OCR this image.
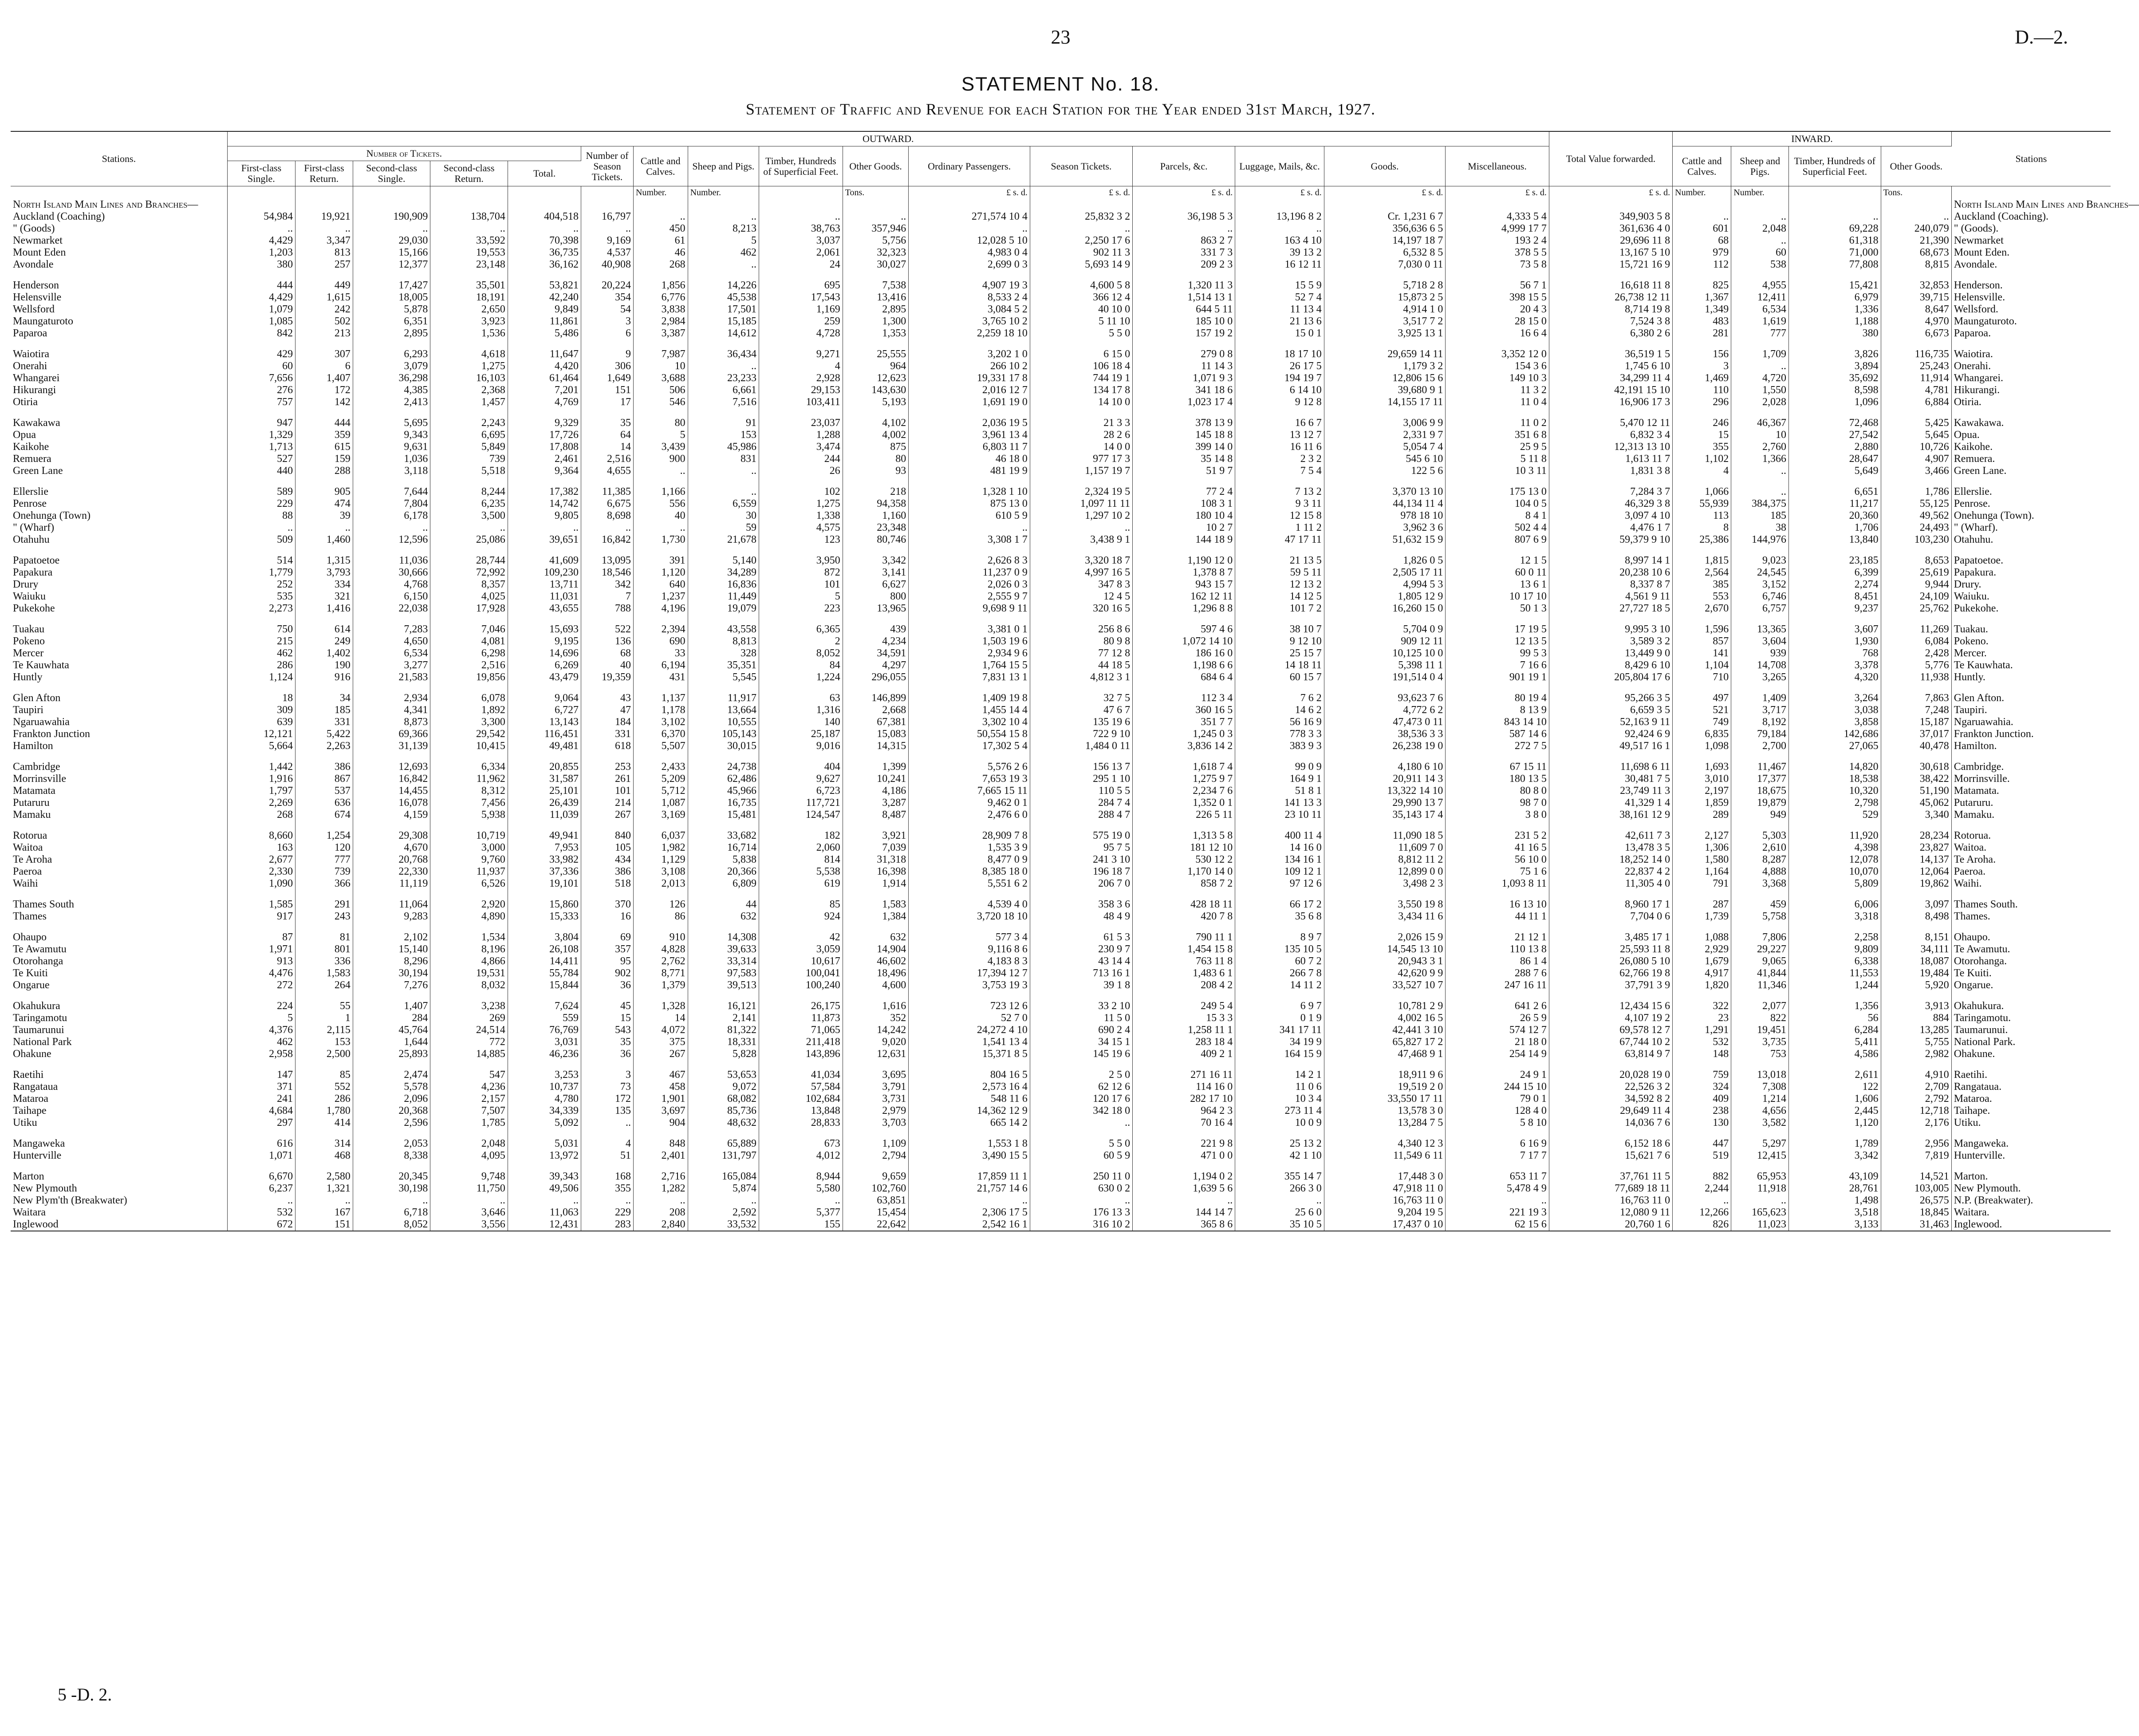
23	D.—2.
STATEMENT No. 18.
Statement of Traffic and Revenue for each Station for the Year ended 31st March, 1927.
Stations.	OUTWARD.																Total Value forwarded.	INWARD.				Stations
	Number of Tickets.					Number of Season Tickets.	Cattle and Calves.	Sheep and Pigs.	Timber, Hundreds of Superficial Feet.	Other Goods.	Ordinary Passengers.	Season Tickets.	Parcels, &c.	Luggage, Mails, &c.	Goods.	Miscellaneous.		Cattle and Calves.	Sheep and Pigs.	Timber, Hundreds of Superficial Feet.	Other Goods.	
	First-class Single.	First-class Return.	Second-class Single.	Second-class Return.	Total.																	
							Number.	Number.		Tons.	£ s. d.	£ s. d.	£ s. d.	£ s. d.	£ s. d.	£ s. d.	£ s. d.	Number.	Number.		Tons.	
North Island Main Lines and Branches—																						North Island Main Lines and Branches—
Auckland (Coaching)	54,984	19,921	190,909	138,704	404,518	16,797	..	..	..	..	271,574 10 4	25,832 3 2	36,198 5 3	13,196 8 2	Cr. 1,231 6 7	4,333 5 4	349,903 5 8	..	..	..	..	Auckland (Coaching).
" (Goods)	..	..	..	..	..	..	450	8,213	38,763	357,946	..	..	..	..	356,636 6 5	4,999 17 7	361,636 4 0	601	2,048	69,228	240,079	" (Goods).
Newmarket	4,429	3,347	29,030	33,592	70,398	9,169	61	5	3,037	5,756	12,028 5 10	2,250 17 6	863 2 7	163 4 10	14,197 18 7	193 2 4	29,696 11 8	68	..	61,318	21,390	Newmarket
Mount Eden	1,203	813	15,166	19,553	36,735	4,537	46	462	2,061	32,323	4,983 0 4	902 11 3	331 7 3	39 13 2	6,532 8 5	378 5 5	13,167 5 10	979	60	71,000	68,673	Mount Eden.
Avondale	380	257	12,377	23,148	36,162	40,908	268	..	24	30,027	2,699 0 3	5,693 14 9	209 2 3	16 12 11	7,030 0 11	73 5 8	15,721 16 9	112	538	77,808	8,815	Avondale.

Henderson	444	449	17,427	35,501	53,821	20,224	1,856	14,226	695	7,538	4,907 19 3	4,600 5 8	1,320 11 3	15 5 9	5,718 2 8	56 7 1	16,618 11 8	825	4,955	15,421	32,853	Henderson.
Helensville	4,429	1,615	18,005	18,191	42,240	354	6,776	45,538	17,543	13,416	8,533 2 4	366 12 4	1,514 13 1	52 7 4	15,873 2 5	398 15 5	26,738 12 11	1,367	12,411	6,979	39,715	Helensville.
Wellsford	1,079	242	5,878	2,650	9,849	54	3,838	17,501	1,169	2,895	3,084 5 2	40 10 0	644 5 11	11 13 4	4,914 1 0	20 4 3	8,714 19 8	1,349	6,534	1,336	8,647	Wellsford.
Maungaturoto	1,085	502	6,351	3,923	11,861	3	2,984	15,185	259	1,300	3,765 10 2	5 11 10	185 10 0	21 13 6	3,517 7 2	28 15 0	7,524 3 8	483	1,619	1,188	4,970	Maungaturoto.
Paparoa	842	213	2,895	1,536	5,486	6	3,387	14,612	4,728	1,353	2,259 18 10	5 5 0	157 19 2	15 0 1	3,925 13 1	16 6 4	6,380 2 6	281	777	380	6,673	Paparoa.

Waiotira	429	307	6,293	4,618	11,647	9	7,987	36,434	9,271	25,555	3,202 1 0	6 15 0	279 0 8	18 17 10	29,659 14 11	3,352 12 0	36,519 1 5	156	1,709	3,826	116,735	Waiotira.
Onerahi	60	6	3,079	1,275	4,420	306	10	..	4	964	266 10 2	106 18 4	11 14 3	26 17 5	1,179 3 2	154 3 6	1,745 6 10	3	..	3,894	25,243	Onerahi.
Whangarei	7,656	1,407	36,298	16,103	61,464	1,649	3,688	23,233	2,928	12,623	19,331 17 8	744 19 1	1,071 9 3	194 19 7	12,806 15 6	149 10 3	34,299 11 4	1,469	4,720	35,692	11,914	Whangarei.
Hikurangi	276	172	4,385	2,368	7,201	151	506	6,661	29,153	143,630	2,016 12 7	134 17 8	341 18 6	6 14 10	39,680 9 1	11 3 2	42,191 15 10	110	1,550	8,598	4,781	Hikurangi.
Otiria	757	142	2,413	1,457	4,769	17	546	7,516	103,411	5,193	1,691 19 0	14 10 0	1,023 17 4	9 12 8	14,155 17 11	11 0 4	16,906 17 3	296	2,028	1,096	6,884	Otiria.

Kawakawa	947	444	5,695	2,243	9,329	35	80	91	23,037	4,102	2,036 19 5	21 3 3	378 13 9	16 6 7	3,006 9 9	11 0 2	5,470 12 11	246	46,367	72,468	5,425	Kawakawa.
Opua	1,329	359	9,343	6,695	17,726	64	5	153	1,288	4,002	3,961 13 4	28 2 6	145 18 8	13 12 7	2,331 9 7	351 6 8	6,832 3 4	15	10	27,542	5,645	Opua.
Kaikohe	1,713	615	9,631	5,849	17,808	14	3,439	45,986	3,474	875	6,803 11 7	14 0 0	399 14 0	16 11 6	5,054 7 4	25 9 5	12,313 13 10	355	2,760	2,880	10,726	Kaikohe.
Remuera	527	159	1,036	739	2,461	2,516	900	831	244	80	46 18 0	977 17 3	35 14 8	2 3 2	545 6 10	5 11 8	1,613 11 7	1,102	1,366	28,647	4,907	Remuera.
Green Lane	440	288	3,118	5,518	9,364	4,655	..	..	26	93	481 19 9	1,157 19 7	51 9 7	7 5 4	122 5 6	10 3 11	1,831 3 8	4	..	5,649	3,466	Green Lane.

Ellerslie	589	905	7,644	8,244	17,382	11,385	1,166	..	102	218	1,328 1 10	2,324 19 5	77 2 4	7 13 2	3,370 13 10	175 13 0	7,284 3 7	1,066	..	6,651	1,786	Ellerslie.
Penrose	229	474	7,804	6,235	14,742	6,675	556	6,559	1,275	94,358	875 13 0	1,097 11 11	108 3 1	9 3 11	44,134 11 4	104 0 5	46,329 3 8	55,939	384,375	11,217	55,125	Penrose.
Onehunga (Town)	88	39	6,178	3,500	9,805	8,698	40	30	1,338	1,160	610 5 9	1,297 10 2	180 10 4	12 15 8	978 18 10	8 4 1	3,097 4 10	113	185	20,360	49,562	Onehunga (Town).
" (Wharf)	..	..	..	..	..	..	..	59	4,575	23,348	..	..	10 2 7	1 11 2	3,962 3 6	502 4 4	4,476 1 7	8	38	1,706	24,493	" (Wharf).
Otahuhu	509	1,460	12,596	25,086	39,651	16,842	1,730	21,678	123	80,746	3,308 1 7	3,438 9 1	144 18 9	47 17 11	51,632 15 9	807 6 9	59,379 9 10	25,386	144,976	13,840	103,230	Otahuhu.

Papatoetoe	514	1,315	11,036	28,744	41,609	13,095	391	5,140	3,950	3,342	2,626 8 3	3,320 18 7	1,190 12 0	21 13 5	1,826 0 5	12 1 5	8,997 14 1	1,815	9,023	23,185	8,653	Papatoetoe.
Papakura	1,779	3,793	30,666	72,992	109,230	18,546	1,120	34,289	872	3,141	11,237 0 9	4,997 16 5	1,378 8 7	59 5 11	2,505 17 11	60 0 11	20,238 10 6	2,564	24,545	6,399	25,619	Papakura.
Drury	252	334	4,768	8,357	13,711	342	640	16,836	101	6,627	2,026 0 3	347 8 3	943 15 7	12 13 2	4,994 5 3	13 6 1	8,337 8 7	385	3,152	2,274	9,944	Drury.
Waiuku	535	321	6,150	4,025	11,031	7	1,237	11,449	5	800	2,555 9 7	12 4 5	162 12 11	14 12 5	1,805 12 9	10 17 10	4,561 9 11	553	6,746	8,451	24,109	Waiuku.
Pukekohe	2,273	1,416	22,038	17,928	43,655	788	4,196	19,079	223	13,965	9,698 9 11	320 16 5	1,296 8 8	101 7 2	16,260 15 0	50 1 3	27,727 18 5	2,670	6,757	9,237	25,762	Pukekohe.

Tuakau	750	614	7,283	7,046	15,693	522	2,394	43,558	6,365	439	3,381 0 1	256 8 6	597 4 6	38 10 7	5,704 0 9	17 19 5	9,995 3 10	1,596	13,365	3,607	11,269	Tuakau.
Pokeno	215	249	4,650	4,081	9,195	136	690	8,813	2	4,234	1,503 19 6	80 9 8	1,072 14 10	9 12 10	909 12 11	12 13 5	3,589 3 2	857	3,604	1,930	6,084	Pokeno.
Mercer	462	1,402	6,534	6,298	14,696	68	33	328	8,052	34,591	2,934 9 6	77 12 8	186 16 0	25 15 7	10,125 10 0	99 5 3	13,449 9 0	141	939	768	2,428	Mercer.
Te Kauwhata	286	190	3,277	2,516	6,269	40	6,194	35,351	84	4,297	1,764 15 5	44 18 5	1,198 6 6	14 18 11	5,398 11 1	7 16 6	8,429 6 10	1,104	14,708	3,378	5,776	Te Kauwhata.
Huntly	1,124	916	21,583	19,856	43,479	19,359	431	5,545	1,224	296,055	7,831 13 1	4,812 3 1	684 6 4	60 15 7	191,514 0 4	901 19 1	205,804 17 6	710	3,265	4,320	11,938	Huntly.

Glen Afton	18	34	2,934	6,078	9,064	43	1,137	11,917	63	146,899	1,409 19 8	32 7 5	112 3 4	7 6 2	93,623 7 6	80 19 4	95,266 3 5	497	1,409	3,264	7,863	Glen Afton.
Taupiri	309	185	4,341	1,892	6,727	47	1,178	13,664	1,316	2,668	1,455 14 4	47 6 7	360 16 5	14 6 2	4,772 6 2	8 13 9	6,659 3 5	521	3,717	3,038	7,248	Taupiri.
Ngaruawahia	639	331	8,873	3,300	13,143	184	3,102	10,555	140	67,381	3,302 10 4	135 19 6	351 7 7	56 16 9	47,473 0 11	843 14 10	52,163 9 11	749	8,192	3,858	15,187	Ngaruawahia.
Frankton Junction	12,121	5,422	69,366	29,542	116,451	331	6,370	105,143	25,187	15,083	50,554 15 8	722 9 10	1,245 0 3	778 3 3	38,536 3 3	587 14 6	92,424 6 9	6,835	79,184	142,686	37,017	Frankton Junction.
Hamilton	5,664	2,263	31,139	10,415	49,481	618	5,507	30,015	9,016	14,315	17,302 5 4	1,484 0 11	3,836 14 2	383 9 3	26,238 19 0	272 7 5	49,517 16 1	1,098	2,700	27,065	40,478	Hamilton.

Cambridge	1,442	386	12,693	6,334	20,855	253	2,433	24,738	404	1,399	5,576 2 6	156 13 7	1,618 7 4	99 0 9	4,180 6 10	67 15 11	11,698 6 11	1,693	11,467	14,820	30,618	Cambridge.
Morrinsville	1,916	867	16,842	11,962	31,587	261	5,209	62,486	9,627	10,241	7,653 19 3	295 1 10	1,275 9 7	164 9 1	20,911 14 3	180 13 5	30,481 7 5	3,010	17,377	18,538	38,422	Morrinsville.
Matamata	1,797	537	14,455	8,312	25,101	101	5,712	45,966	6,723	4,186	7,665 15 11	110 5 5	2,234 7 6	51 8 1	13,322 14 10	80 8 0	23,749 11 3	2,197	18,675	10,320	51,190	Matamata.
Putaruru	2,269	636	16,078	7,456	26,439	214	1,087	16,735	117,721	3,287	9,462 0 1	284 7 4	1,352 0 1	141 13 3	29,990 13 7	98 7 0	41,329 1 4	1,859	19,879	2,798	45,062	Putaruru.
Mamaku	268	674	4,159	5,938	11,039	267	3,169	15,481	124,547	8,487	2,476 6 0	288 4 7	226 5 11	23 10 11	35,143 17 4	3 8 0	38,161 12 9	289	949	529	3,340	Mamaku.

Rotorua	8,660	1,254	29,308	10,719	49,941	840	6,037	33,682	182	3,921	28,909 7 8	575 19 0	1,313 5 8	400 11 4	11,090 18 5	231 5 2	42,611 7 3	2,127	5,303	11,920	28,234	Rotorua.
Waitoa	163	120	4,670	3,000	7,953	105	1,982	16,714	2,060	7,039	1,535 3 9	95 7 5	181 12 10	14 16 0	11,609 7 0	41 16 5	13,478 3 5	1,306	2,610	4,398	23,827	Waitoa.
Te Aroha	2,677	777	20,768	9,760	33,982	434	1,129	5,838	814	31,318	8,477 0 9	241 3 10	530 12 2	134 16 1	8,812 11 2	56 10 0	18,252 14 0	1,580	8,287	12,078	14,137	Te Aroha.
Paeroa	2,330	739	22,330	11,937	37,336	386	3,108	20,366	5,538	16,398	8,385 18 0	196 18 7	1,170 14 0	109 12 1	12,899 0 0	75 1 6	22,837 4 2	1,164	4,888	10,070	12,064	Paeroa.
Waihi	1,090	366	11,119	6,526	19,101	518	2,013	6,809	619	1,914	5,551 6 2	206 7 0	858 7 2	97 12 6	3,498 2 3	1,093 8 11	11,305 4 0	791	3,368	5,809	19,862	Waihi.

Thames South	1,585	291	11,064	2,920	15,860	370	126	44	85	1,583	4,539 4 0	358 3 6	428 18 11	66 17 2	3,550 19 8	16 13 10	8,960 17 1	287	459	6,006	3,097	Thames South.
Thames	917	243	9,283	4,890	15,333	16	86	632	924	1,384	3,720 18 10	48 4 9	420 7 8	35 6 8	3,434 11 6	44 11 1	7,704 0 6	1,739	5,758	3,318	8,498	Thames.

Ohaupo	87	81	2,102	1,534	3,804	69	910	14,308	42	632	577 3 4	61 5 3	790 11 1	8 9 7	2,026 15 9	21 12 1	3,485 17 1	1,088	7,806	2,258	8,151	Ohaupo.
Te Awamutu	1,971	801	15,140	8,196	26,108	357	4,828	39,633	3,059	14,904	9,116 8 6	230 9 7	1,454 15 8	135 10 5	14,545 13 10	110 13 8	25,593 11 8	2,929	29,227	9,809	34,111	Te Awamutu.
Otorohanga	913	336	8,296	4,866	14,411	95	2,762	33,314	10,617	46,602	4,183 8 3	43 14 4	763 11 8	60 7 2	20,943 3 1	86 1 4	26,080 5 10	1,679	9,065	6,338	18,087	Otorohanga.
Te Kuiti	4,476	1,583	30,194	19,531	55,784	902	8,771	97,583	100,041	18,496	17,394 12 7	713 16 1	1,483 6 1	266 7 8	42,620 9 9	288 7 6	62,766 19 8	4,917	41,844	11,553	19,484	Te Kuiti.
Ongarue	272	264	7,276	8,032	15,844	36	1,379	39,513	100,240	4,600	3,753 19 3	39 1 8	208 4 2	14 11 2	33,527 10 7	247 16 11	37,791 3 9	1,820	11,346	1,244	5,920	Ongarue.

Okahukura	224	55	1,407	3,238	7,624	45	1,328	16,121	26,175	1,616	723 12 6	33 2 10	249 5 4	6 9 7	10,781 2 9	641 2 6	12,434 15 6	322	2,077	1,356	3,913	Okahukura.
Taringamotu	5	1	284	269	559	15	14	2,141	11,873	352	52 7 0	11 5 0	15 3 3	0 1 9	4,002 16 5	26 5 9	4,107 19 2	23	822	56	884	Taringamotu.
Taumarunui	4,376	2,115	45,764	24,514	76,769	543	4,072	81,322	71,065	14,242	24,272 4 10	690 2 4	1,258 11 1	341 17 11	42,441 3 10	574 12 7	69,578 12 7	1,291	19,451	6,284	13,285	Taumarunui.
National Park	462	153	1,644	772	3,031	35	375	18,331	211,418	9,020	1,541 13 4	34 15 1	283 18 4	34 19 9	65,827 17 2	21 18 0	67,744 10 2	532	3,735	5,411	5,755	National Park.
Ohakune	2,958	2,500	25,893	14,885	46,236	36	267	5,828	143,896	12,631	15,371 8 5	145 19 6	409 2 1	164 15 9	47,468 9 1	254 14 9	63,814 9 7	148	753	4,586	2,982	Ohakune.

Raetihi	147	85	2,474	547	3,253	3	467	53,653	41,034	3,695	804 16 5	2 5 0	271 16 11	14 2 1	18,911 9 6	24 9 1	20,028 19 0	759	13,018	2,611	4,910	Raetihi.
Rangataua	371	552	5,578	4,236	10,737	73	458	9,072	57,584	3,791	2,573 16 4	62 12 6	114 16 0	11 0 6	19,519 2 0	244 15 10	22,526 3 2	324	7,308	122	2,709	Rangataua.
Mataroa	241	286	2,096	2,157	4,780	172	1,901	68,082	102,684	3,731	548 11 6	120 17 6	282 17 10	10 3 4	33,550 17 11	79 0 1	34,592 8 2	409	1,214	1,606	2,792	Mataroa.
Taihape	4,684	1,780	20,368	7,507	34,339	135	3,697	85,736	13,848	2,979	14,362 12 9	342 18 0	964 2 3	273 11 4	13,578 3 0	128 4 0	29,649 11 4	238	4,656	2,445	12,718	Taihape.
Utiku	297	414	2,596	1,785	5,092	..	904	48,632	28,833	3,703	665 14 2	..	70 16 4	10 0 9	13,284 7 5	5 8 10	14,036 7 6	130	3,582	1,120	2,176	Utiku.

Mangaweka	616	314	2,053	2,048	5,031	4	848	65,889	673	1,109	1,553 1 8	5 5 0	221 9 8	25 13 2	4,340 12 3	6 16 9	6,152 18 6	447	5,297	1,789	2,956	Mangaweka.
Hunterville	1,071	468	8,338	4,095	13,972	51	2,401	131,797	4,012	2,794	3,490 15 5	60 5 9	471 0 0	42 1 10	11,549 6 11	7 17 7	15,621 7 6	519	12,415	3,342	7,819	Hunterville.

Marton	6,670	2,580	20,345	9,748	39,343	168	2,716	165,084	8,944	9,659	17,859 11 1	250 11 0	1,194 0 2	355 14 7	17,448 3 0	653 11 7	37,761 11 5	882	65,953	43,109	14,521	Marton.
New Plymouth	6,237	1,321	30,198	11,750	49,506	355	1,282	5,874	5,580	102,760	21,757 14 6	630 0 2	1,639 5 6	266 3 0	47,918 11 0	5,478 4 9	77,689 18 11	2,244	11,918	28,761	103,005	New Plymouth.
New Plym'th (Breakwater)	..	..	..	..	..	..	..	..	..	63,851	..	..	..	..	16,763 11 0	..	16,763 11 0	..	..	1,498	26,575	N.P. (Breakwater).
Waitara	532	167	6,718	3,646	11,063	229	208	2,592	5,377	15,454	2,306 17 5	176 13 3	144 14 7	25 6 0	9,204 19 5	221 19 3	12,080 9 11	12,266	165,623	3,518	18,845	Waitara.
Inglewood	672	151	8,052	3,556	12,431	283	2,840	33,532	155	22,642	2,542 16 1	316 10 2	365 8 6	35 10 5	17,437 0 10	62 15 6	20,760 1 6	826	11,023	3,133	31,463	Inglewood.
5 -D. 2.
